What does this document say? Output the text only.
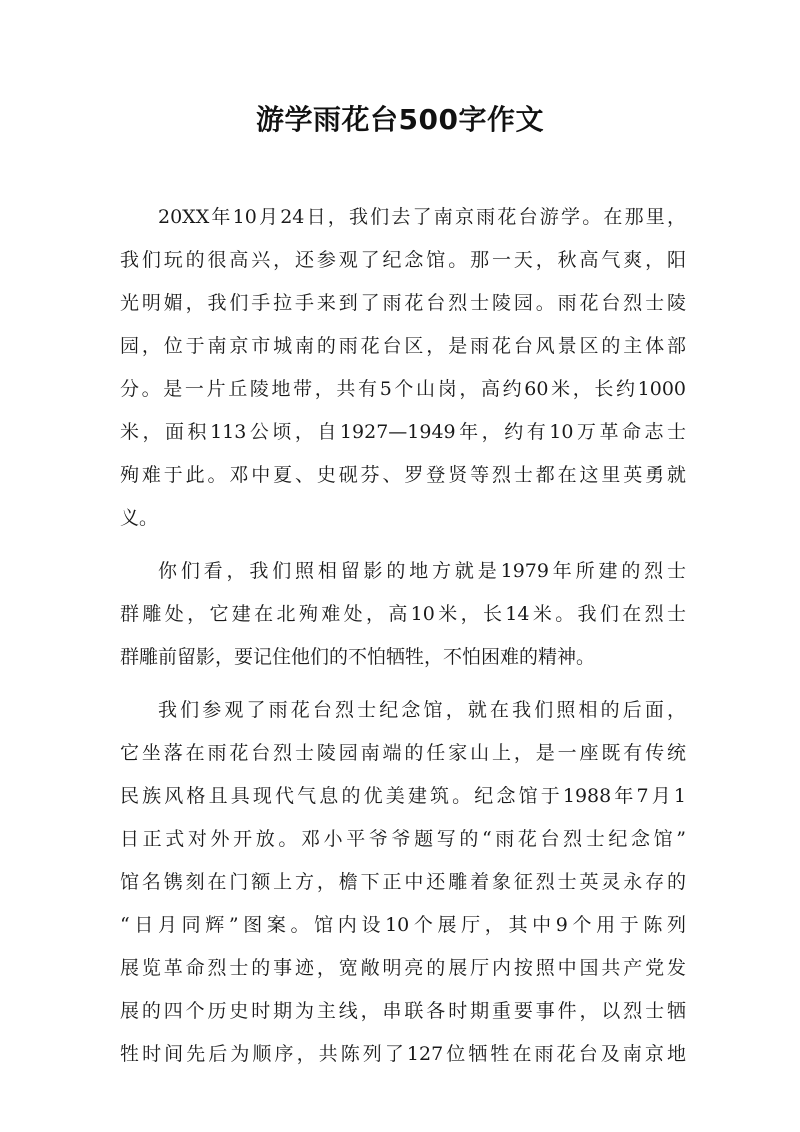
游学雨花台500字作文
20XX年10月24日，我们去了南京雨花台游学。在那里，
我们玩的很高兴，还参观了纪念馆。那一天，秋高气爽，阳
光明媚，我们手拉手来到了雨花台烈士陵园。雨花台烈士陵
园，位于南京市城南的雨花台区，是雨花台风景区的主体部
分。是一片丘陵地带，共有5个山岗，高约60米，长约1000
米，面积113公顷，自1927—1949年，约有10万革命志士
殉难于此。邓中夏、史砚芬、罗登贤等烈士都在这里英勇就
义。
你们看，我们照相留影的地方就是1979年所建的烈士
群雕处，它建在北殉难处，高10米，长14米。我们在烈士
群雕前留影，要记住他们的不怕牺牲，不怕困难的精神。
我们参观了雨花台烈士纪念馆，就在我们照相的后面，
它坐落在雨花台烈士陵园南端的任家山上，是一座既有传统
民族风格且具现代气息的优美建筑。纪念馆于1988年7月1
日正式对外开放。邓小平爷爷题写的“雨花台烈士纪念馆”
馆名镌刻在门额上方，檐下正中还雕着象征烈士英灵永存的
“日月同辉”图案。馆内设10个展厅，其中9个用于陈列
展览革命烈士的事迹，宽敞明亮的展厅内按照中国共产党发
展的四个历史时期为主线，串联各时期重要事件，以烈士牺
牲时间先后为顺序，共陈列了127位牺牲在雨花台及南京地
